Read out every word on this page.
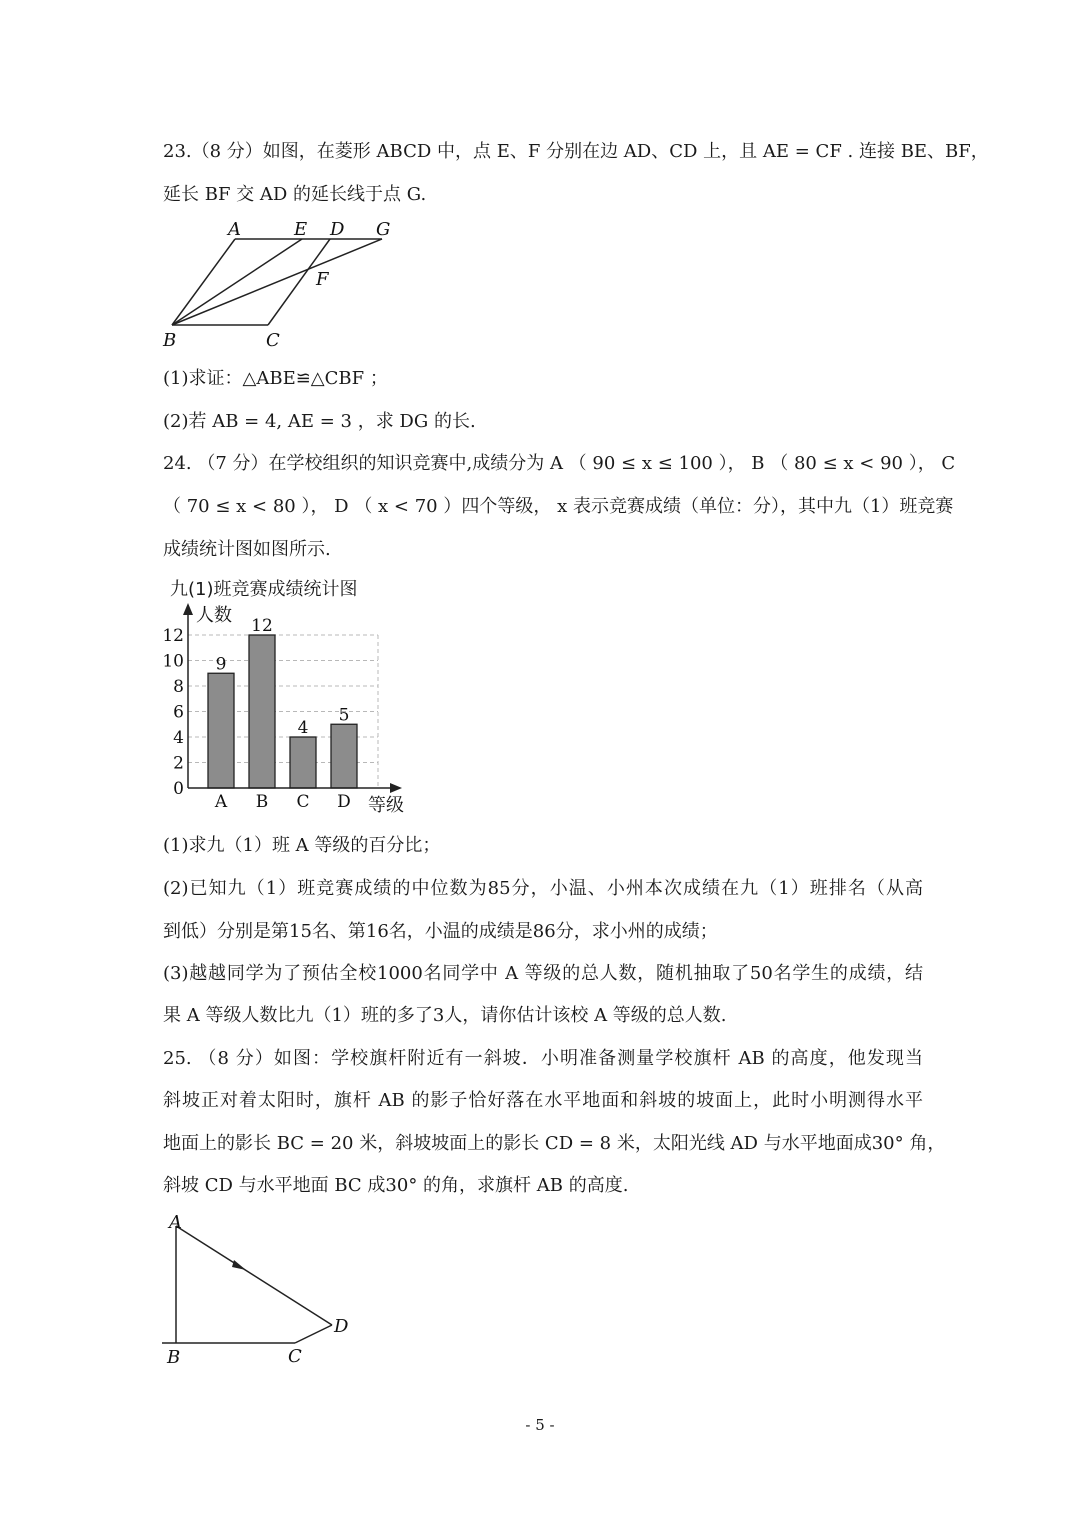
23.（8 分）如图，在菱形 ABCD 中，点 E、F 分别在边 AD、CD 上，且 AE = CF . 连接 BE、BF，
延长 BF 交 AD 的延长线于点 G.
A	E D G
F
B	C
(1)求证：△ABE≌△CBF ；
(2)若 AB = 4, AE = 3 ，求 DG 的长.
24. （7 分）在学校组织的知识竞赛中,成绩分为 A （ 90 ≤ x ≤ 100 ）， B （ 80 ≤ x < 90 ）， C
（ 70 ≤ x < 80 ）， D （ x < 70 ）四个等级， x 表示竞赛成绩（单位：分），其中九（1）班竞赛
成绩统计图如图所示.
九(1)班竞赛成绩统计图
0
2
4
6
8
10
12
A B C D
9
12
4
5
人数
等级
(1)求九（1）班 A 等级的百分比；
(2)已知九（1）班竞赛成绩的中位数为85分，小温、小州本次成绩在九（1）班排名（从高
到低）分别是第15名、第16名，小温的成绩是86分，求小州的成绩；
(3)越越同学为了预估全校1000名同学中 A 等级的总人数，随机抽取了50名学生的成绩，结
果 A 等级人数比九（1）班的多了3人，请你估计该校 A 等级的总人数.
25. （8 分）如图：学校旗杆附近有一斜坡．小明准备测量学校旗杆 AB 的高度，他发现当
斜坡正对着太阳时，旗杆 AB 的影子恰好落在水平地面和斜坡的坡面上，此时小明测得水平
地面上的影长 BC = 20 米，斜坡坡面上的影长 CD = 8 米，太阳光线 AD 与水平地面成30° 角，
斜坡 CD 与水平地面 BC 成30° 的角，求旗杆 AB 的高度.
A
B	C
D
- 5 -
